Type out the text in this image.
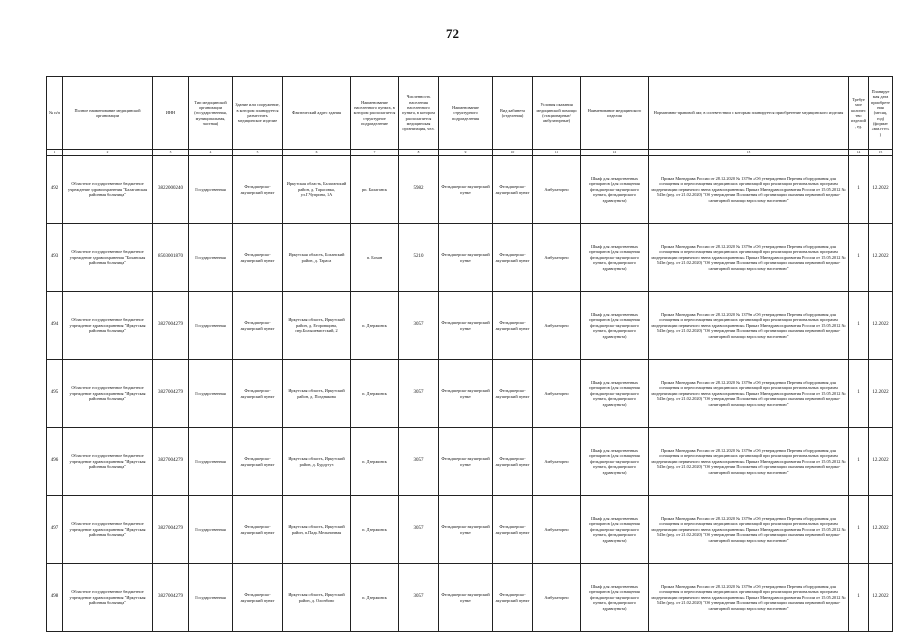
72
№ п/п	Полное наименование медицинской организации	ИНН	Тип медицинской организации (государственная, муниципальная, частная)	Здание или сооружение, в котором планируется разместить медицинское изделие	Фактический адрес здания	Наименование населенного пункта, в котором располагается структурное подразделение	Численность населения населенного пункта, в котором располагается медицинская организация, чел.	Наименование структурного подразделения	Вид кабинета (отделения)	Условия оказания медицинской помощи (стационарные/амбулаторные)	Наименование медицинского изделия	Нормативно-правовой акт, в соответствии с которым планируется приобретение медицинского изделия	Требуемое количество изделий, ед.	Планируемая дата приобретения (месяц, год) (формат «мм.гггг»)
1	2	3	4	5	6	7	8	9	10	11	12	13	14	15
492	Областное государственное бюджетное учреждение здравоохранения "Балаганская районная больница"	3822000240	Государственная	Фельдшерско-акушерский пункт	Иркутская область, Балаганский район, д. Тарасовка, ул.Г.Чуприна, 1А	рп. Балаганск	5982	Фельдшерско-акушерский пункт	Фельдшерско-акушерский пункт	Амбулаторно	Шкаф для лекарственных препаратов (для оснащения фельдшерско-акушерского пункта, фельдшерского здравпункта)	Приказ Минздрава России от 28.12.2020 № 1379н «Об утверждении Перечня оборудования для оснащения и переоснащения медицинских организаций при реализации региональных программ модернизации первичного звена здравоохранения» Приказ Минздравсоцразвития России от 15.05.2012 № 543н (ред. от 21.02.2020) "Об утверждении Положения об организации оказания первичной медико-санитарной помощи взрослому населению"	1	12.2022
493	Областное государственное бюджетное учреждение здравоохранения "Боханская районная больница"	8503001870	Государственная	Фельдшерско-акушерский пункт	Иркутская область, Боханский район, д. Тараса	п. Бохан	5210	Фельдшерско-акушерский пункт	Фельдшерско-акушерский пункт	Амбулаторно	Шкаф для лекарственных препаратов (для оснащения фельдшерско-акушерского пункта, фельдшерского здравпункта)	Приказ Минздрава России от 28.12.2020 № 1379н «Об утверждении Перечня оборудования для оснащения и переоснащения медицинских организаций при реализации региональных программ модернизации первичного звена здравоохранения» Приказ Минздравсоцразвития России от 15.05.2012 № 543н (ред. от 21.02.2020) "Об утверждении Положения об организации оказания первичной медико-санитарной помощи взрослому населению"	1	12.2022
494	Областное государственное бюджетное учреждение здравоохранения "Иркутская районная больница"	3827004279	Государственная	Фельдшерско-акушерский пункт	Иркутская область, Иркутский район, д. Егоровщина, пер.Большевистский, 2	п. Дзержинск	3057	Фельдшерско-акушерский пункт	Фельдшерско-акушерский пункт	Амбулаторно	Шкаф для лекарственных препаратов (для оснащения фельдшерско-акушерского пункта, фельдшерского здравпункта)	Приказ Минздрава России от 28.12.2020 № 1379н «Об утверждении Перечня оборудования для оснащения и переоснащения медицинских организаций при реализации региональных программ модернизации первичного звена здравоохранения» Приказ Минздравсоцразвития России от 15.05.2012 № 543н (ред. от 21.02.2020) "Об утверждении Положения об организации оказания первичной медико-санитарной помощи взрослому населению"	1	12.2022
495	Областное государственное бюджетное учреждение здравоохранения "Иркутская районная больница"	3827004279	Государственная	Фельдшерско-акушерский пункт	Иркутская область, Иркутский район, д. Позднякова	п. Дзержинск	3057	Фельдшерско-акушерский пункт	Фельдшерско-акушерский пункт	Амбулаторно	Шкаф для лекарственных препаратов (для оснащения фельдшерско-акушерского пункта, фельдшерского здравпункта)	Приказ Минздрава России от 28.12.2020 № 1379н «Об утверждении Перечня оборудования для оснащения и переоснащения медицинских организаций при реализации региональных программ модернизации первичного звена здравоохранения» Приказ Минздравсоцразвития России от 15.05.2012 № 543н (ред. от 21.02.2020) "Об утверждении Положения об организации оказания первичной медико-санитарной помощи взрослому населению"	1	12.2022
496	Областное государственное бюджетное учреждение здравоохранения "Иркутская районная больница"	3827004279	Государственная	Фельдшерско-акушерский пункт	Иркутская область, Иркутский район, д. Бурдугуз	п. Дзержинск	3057	Фельдшерско-акушерский пункт	Фельдшерско-акушерский пункт	Амбулаторно	Шкаф для лекарственных препаратов (для оснащения фельдшерско-акушерского пункта, фельдшерского здравпункта)	Приказ Минздрава России от 28.12.2020 № 1379н «Об утверждении Перечня оборудования для оснащения и переоснащения медицинских организаций при реализации региональных программ модернизации первичного звена здравоохранения» Приказ Минздравсоцразвития России от 15.05.2012 № 543н (ред. от 21.02.2020) "Об утверждении Положения об организации оказания первичной медико-санитарной помощи взрослому населению"	1	12.2022
497	Областное государственное бюджетное учреждение здравоохранения "Иркутская районная больница"	3827004279	Государственная	Фельдшерско-акушерский пункт	Иркутская область, Иркутский район, п.Падь Мельничная	п. Дзержинск	3057	Фельдшерско-акушерский пункт	Фельдшерско-акушерский пункт	Амбулаторно	Шкаф для лекарственных препаратов (для оснащения фельдшерско-акушерского пункта, фельдшерского здравпункта)	Приказ Минздрава России от 28.12.2020 № 1379н «Об утверждении Перечня оборудования для оснащения и переоснащения медицинских организаций при реализации региональных программ модернизации первичного звена здравоохранения» Приказ Минздравсоцразвития России от 15.05.2012 № 543н (ред. от 21.02.2020) "Об утверждении Положения об организации оказания первичной медико-санитарной помощи взрослому населению"	1	12.2022
498	Областное государственное бюджетное учреждение здравоохранения "Иркутская районная больница"	3827004279	Государственная	Фельдшерско-акушерский пункт	Иркутская область, Иркутский район, д. Олонбово	п. Дзержинск	3057	Фельдшерско-акушерский пункт	Фельдшерско-акушерский пункт	Амбулаторно	Шкаф для лекарственных препаратов (для оснащения фельдшерско-акушерского пункта, фельдшерского здравпункта)	Приказ Минздрава России от 28.12.2020 № 1379н «Об утверждении Перечня оборудования для оснащения и переоснащения медицинских организаций при реализации региональных программ модернизации первичного звена здравоохранения» Приказ Минздравсоцразвития России от 15.05.2012 № 543н (ред. от 21.02.2020) "Об утверждении Положения об организации оказания первичной медико-санитарной помощи взрослому населению"	1	12.2022
